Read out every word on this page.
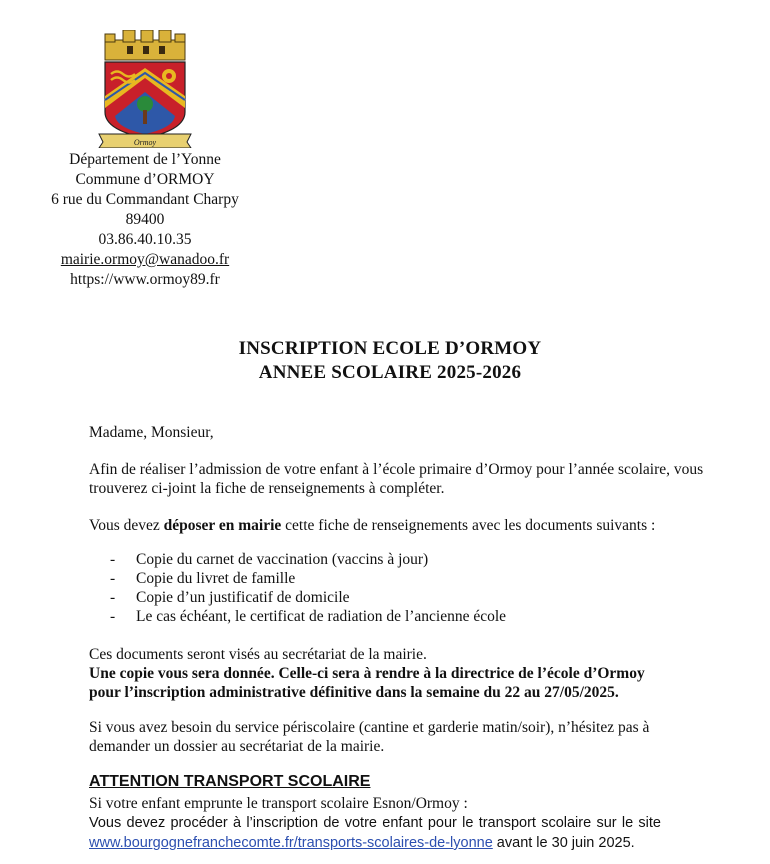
Ormoy
Département de l’Yonne
Commune d’ORMOY
6 rue du Commandant Charpy
89400
03.86.40.10.35
mairie.ormoy@wanadoo.fr
https://www.ormoy89.fr
INSCRIPTION ECOLE D’ORMOY
ANNEE SCOLAIRE 2025-2026
Madame, Monsieur,
Afin de réaliser l’admission de votre enfant à l’école primaire d’Ormoy pour l’année scolaire, vous trouverez ci-joint la fiche de renseignements à compléter.
Vous devez déposer en mairie cette fiche de renseignements avec les documents suivants :
- Copie du carnet de vaccination (vaccins à jour)
- Copie du livret de famille
- Copie d’un justificatif de domicile
- Le cas échéant, le certificat de radiation de l’ancienne école
Ces documents seront visés au secrétariat de la mairie.
Une copie vous sera donnée. Celle-ci sera à rendre à la directrice de l’école d’Ormoy
pour l’inscription administrative définitive dans la semaine du 22 au 27/05/2025.
Si vous avez besoin du service périscolaire (cantine et garderie matin/soir), n’hésitez pas à demander un dossier au secrétariat de la mairie.
ATTENTION TRANSPORT SCOLAIRE
Si votre enfant emprunte le transport scolaire Esnon/Ormoy :
Vous devez procéder à l’inscription de votre enfant pour le transport scolaire sur le site www.bourgognefranchecomte.fr/transports-scolaires-de-lyonne avant le 30 juin 2025.
